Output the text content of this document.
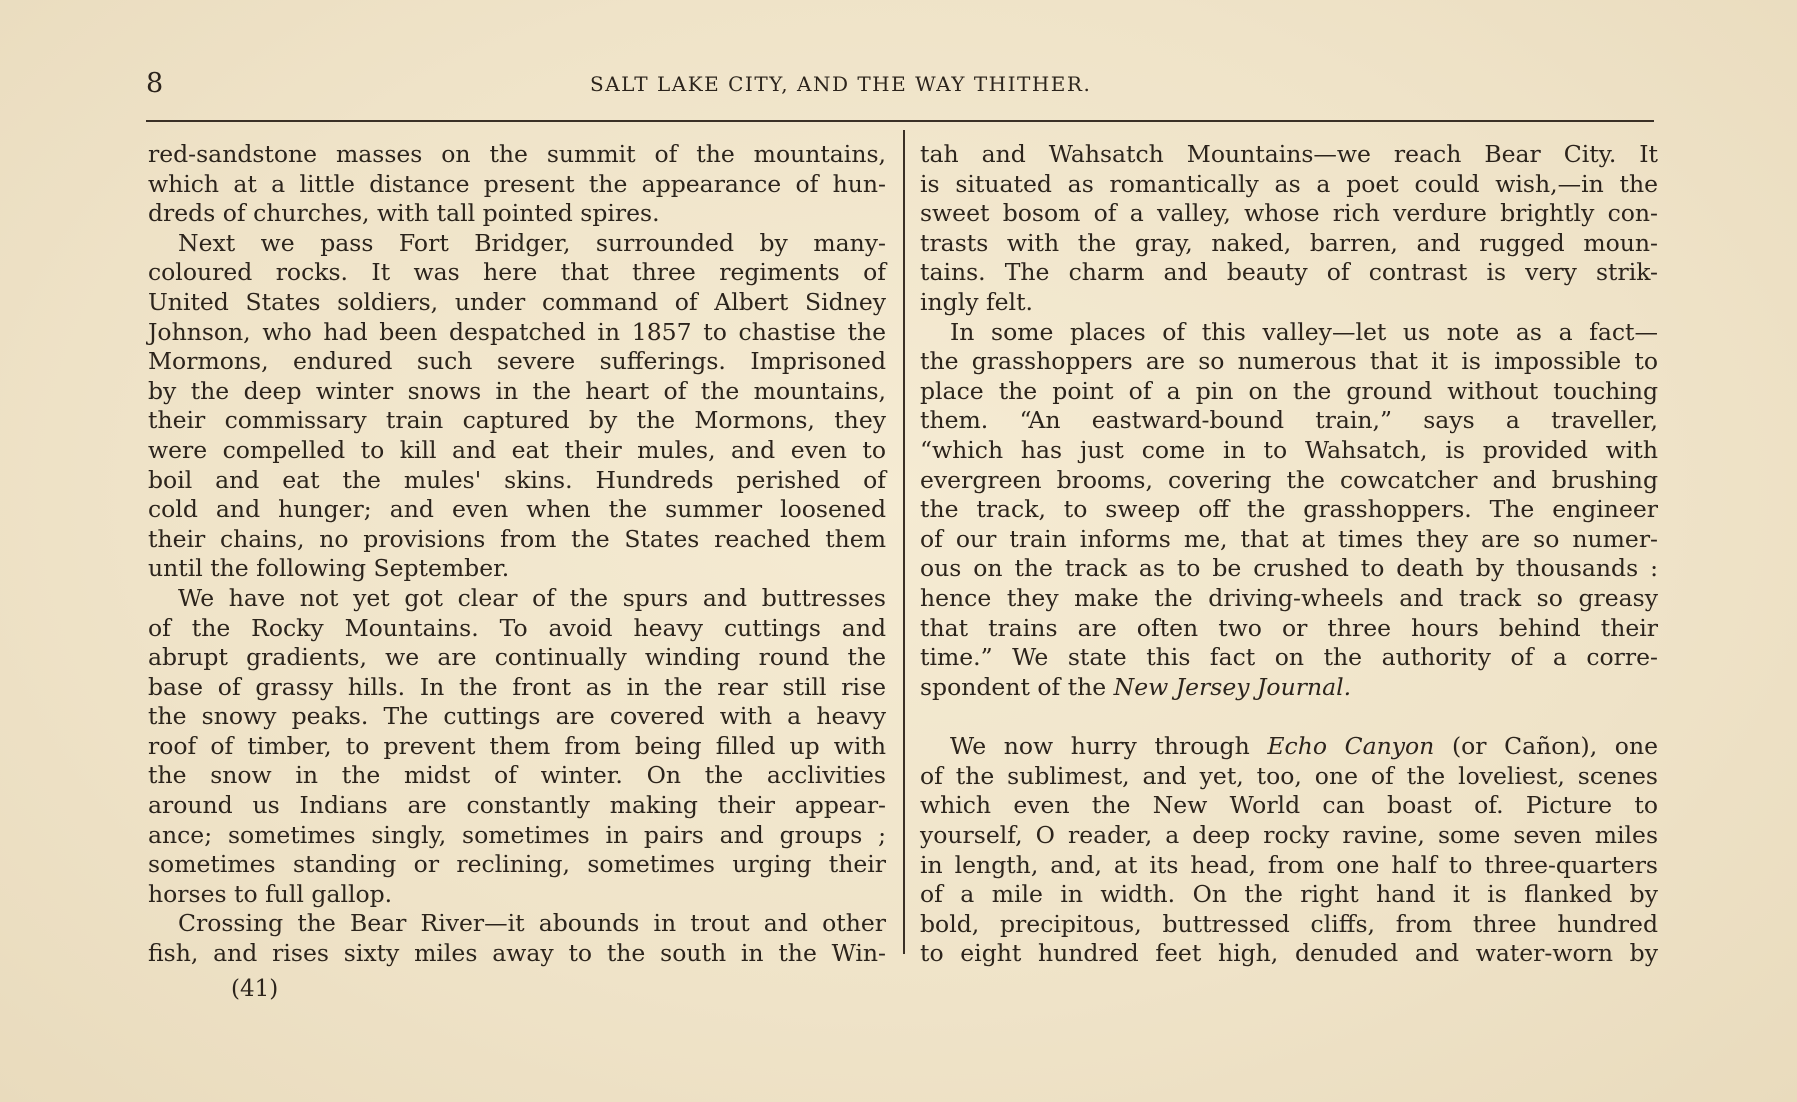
8	SALT LAKE CITY, AND THE WAY THITHER.
red-sandstone masses on the summit of the mountains,
which at a little distance present the appearance of hun-
dreds of churches, with tall pointed spires.
Next we pass Fort Bridger, surrounded by many-
coloured rocks. It was here that three regiments of
United States soldiers, under command of Albert Sidney
Johnson, who had been despatched in 1857 to chastise the
Mormons, endured such severe sufferings. Imprisoned
by the deep winter snows in the heart of the mountains,
their commissary train captured by the Mormons, they
were compelled to kill and eat their mules, and even to
boil and eat the mules' skins. Hundreds perished of
cold and hunger; and even when the summer loosened
their chains, no provisions from the States reached them
until the following September.
We have not yet got clear of the spurs and buttresses
of the Rocky Mountains. To avoid heavy cuttings and
abrupt gradients, we are continually winding round the
base of grassy hills. In the front as in the rear still rise
the snowy peaks. The cuttings are covered with a heavy
roof of timber, to prevent them from being filled up with
the snow in the midst of winter. On the acclivities
around us Indians are constantly making their appear-
ance; sometimes singly, sometimes in pairs and groups ;
sometimes standing or reclining, sometimes urging their
horses to full gallop.
Crossing the Bear River—it abounds in trout and other
fish, and rises sixty miles away to the south in the Win-
(41)
tah and Wahsatch Mountains—we reach Bear City. It
is situated as romantically as a poet could wish,—in the
sweet bosom of a valley, whose rich verdure brightly con-
trasts with the gray, naked, barren, and rugged moun-
tains. The charm and beauty of contrast is very strik-
ingly felt.
In some places of this valley—let us note as a fact—
the grasshoppers are so numerous that it is impossible to
place the point of a pin on the ground without touching
them. “An eastward-bound train,” says a traveller,
“which has just come in to Wahsatch, is provided with
evergreen brooms, covering the cowcatcher and brushing
the track, to sweep off the grasshoppers. The engineer
of our train informs me, that at times they are so numer-
ous on the track as to be crushed to death by thousands :
hence they make the driving-wheels and track so greasy
that trains are often two or three hours behind their
time.” We state this fact on the authority of a corre-
spondent of the New Jersey Journal.
We now hurry through Echo Canyon (or Cañon), one
of the sublimest, and yet, too, one of the loveliest, scenes
which even the New World can boast of. Picture to
yourself, O reader, a deep rocky ravine, some seven miles
in length, and, at its head, from one half to three-quarters
of a mile in width. On the right hand it is flanked by
bold, precipitous, buttressed cliffs, from three hundred
to eight hundred feet high, denuded and water-worn by
